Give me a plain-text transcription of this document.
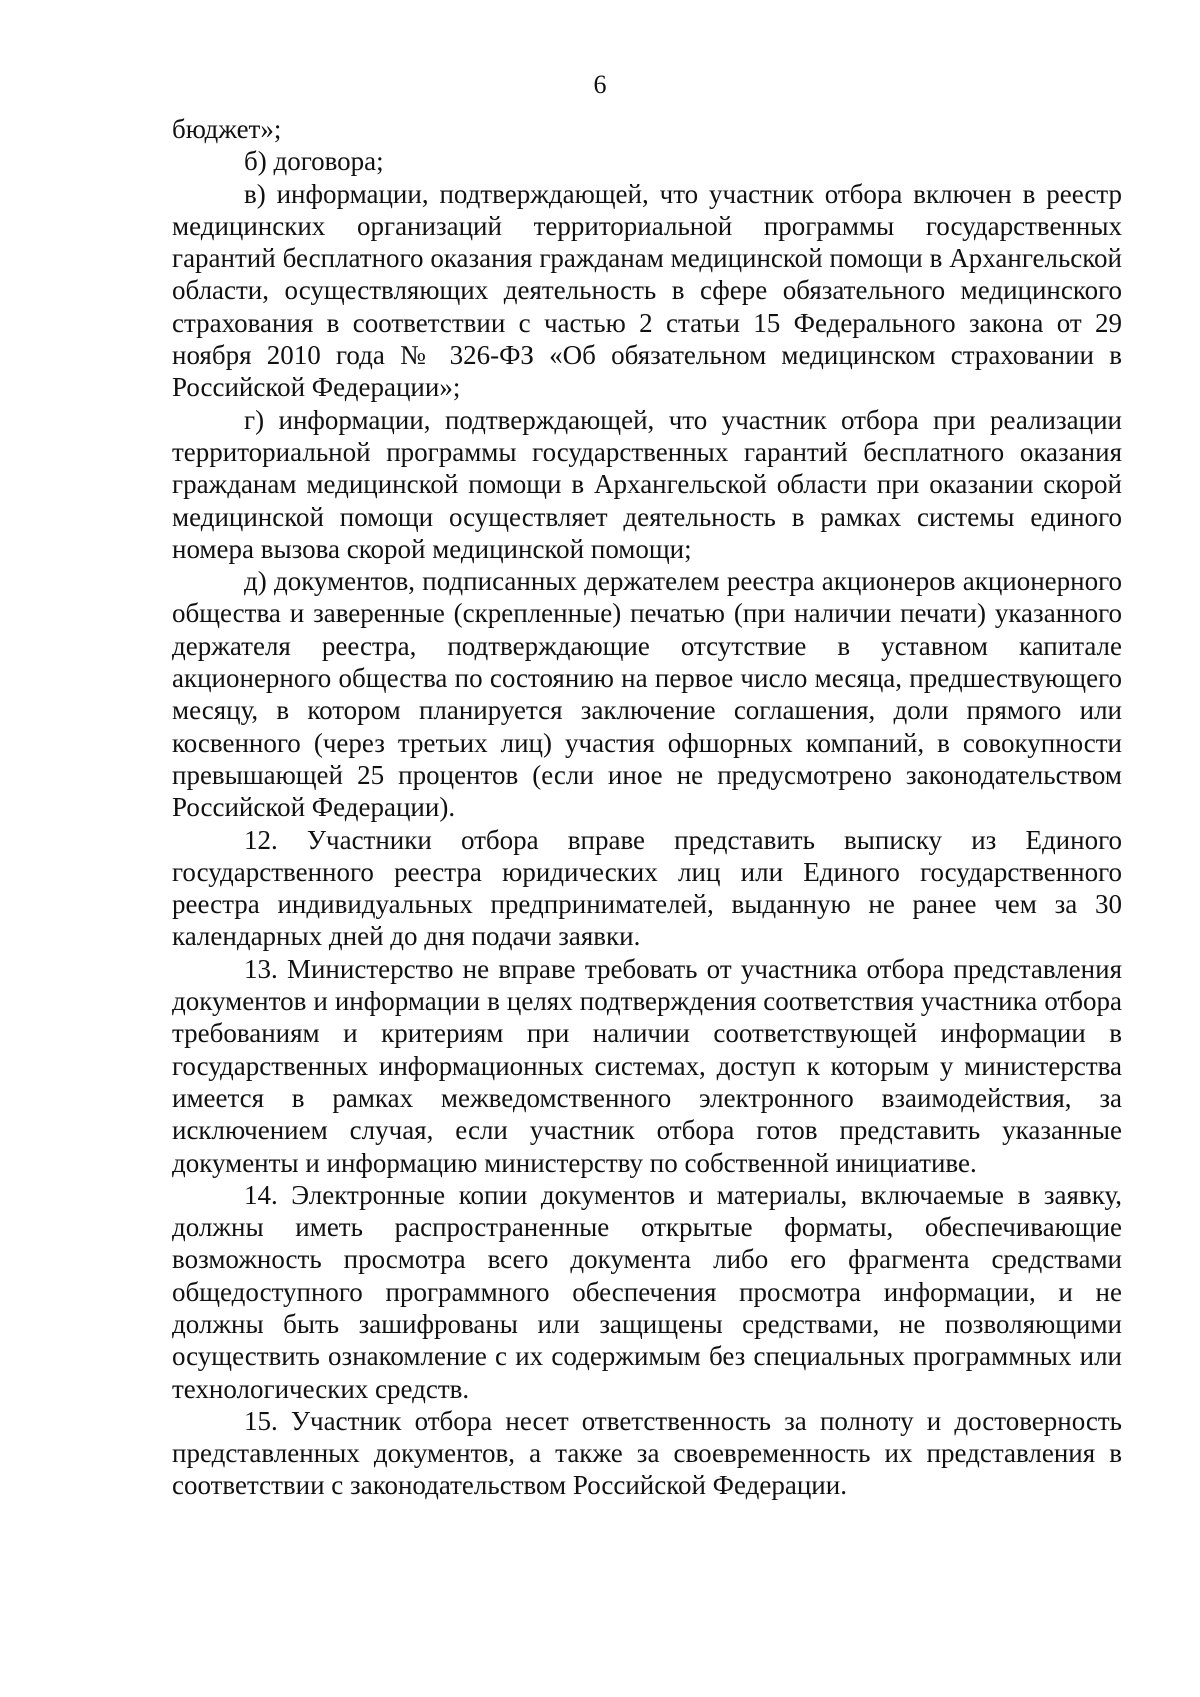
6

бюджет»;

б) договора;

в) информации, подтверждающей, что участник отбора включен в реестр медицинских организаций территориальной программы государственных гарантий бесплатного оказания гражданам медицинской помощи в Архангельской области, осуществляющих деятельность в сфере обязательного медицинского страхования в соответствии с частью 2 статьи 15 Федерального закона от 29 ноября 2010 года № 326-ФЗ «Об обязательном медицинском страховании в Российской Федерации»;

г) информации, подтверждающей, что участник отбора при реализации территориальной программы государственных гарантий бесплатного оказания гражданам медицинской помощи в Архангельской области при оказании скорой медицинской помощи осуществляет деятельность в рамках системы единого номера вызова скорой медицинской помощи;

д) документов, подписанных держателем реестра акционеров акционерного общества и заверенные (скрепленные) печатью (при наличии печати) указанного держателя реестра, подтверждающие отсутствие в уставном капитале акционерного общества по состоянию на первое число месяца, предшествующего месяцу, в котором планируется заключение соглашения, доли прямого или косвенного (через третьих лиц) участия офшорных компаний, в совокупности превышающей 25 процентов (если иное не предусмотрено законодательством Российской Федерации).

12. Участники отбора вправе представить выписку из Единого государственного реестра юридических лиц или Единого государственного реестра индивидуальных предпринимателей, выданную не ранее чем за 30 календарных дней до дня подачи заявки.

13. Министерство не вправе требовать от участника отбора представления документов и информации в целях подтверждения соответствия участника отбора требованиям и критериям при наличии соответствующей информации в государственных информационных системах, доступ к которым у министерства имеется в рамках межведомственного электронного взаимодействия, за исключением случая, если участник отбора готов представить указанные документы и информацию министерству по собственной инициативе.

14. Электронные копии документов и материалы, включаемые в заявку, должны иметь распространенные открытые форматы, обеспечивающие возможность просмотра всего документа либо его фрагмента средствами общедоступного программного обеспечения просмотра информации, и не должны быть зашифрованы или защищены средствами, не позволяющими осуществить ознакомление с их содержимым без специальных программных или технологических средств.

15. Участник отбора несет ответственность за полноту и достоверность представленных документов, а также за своевременность их представления в соответствии с законодательством Российской Федерации.
